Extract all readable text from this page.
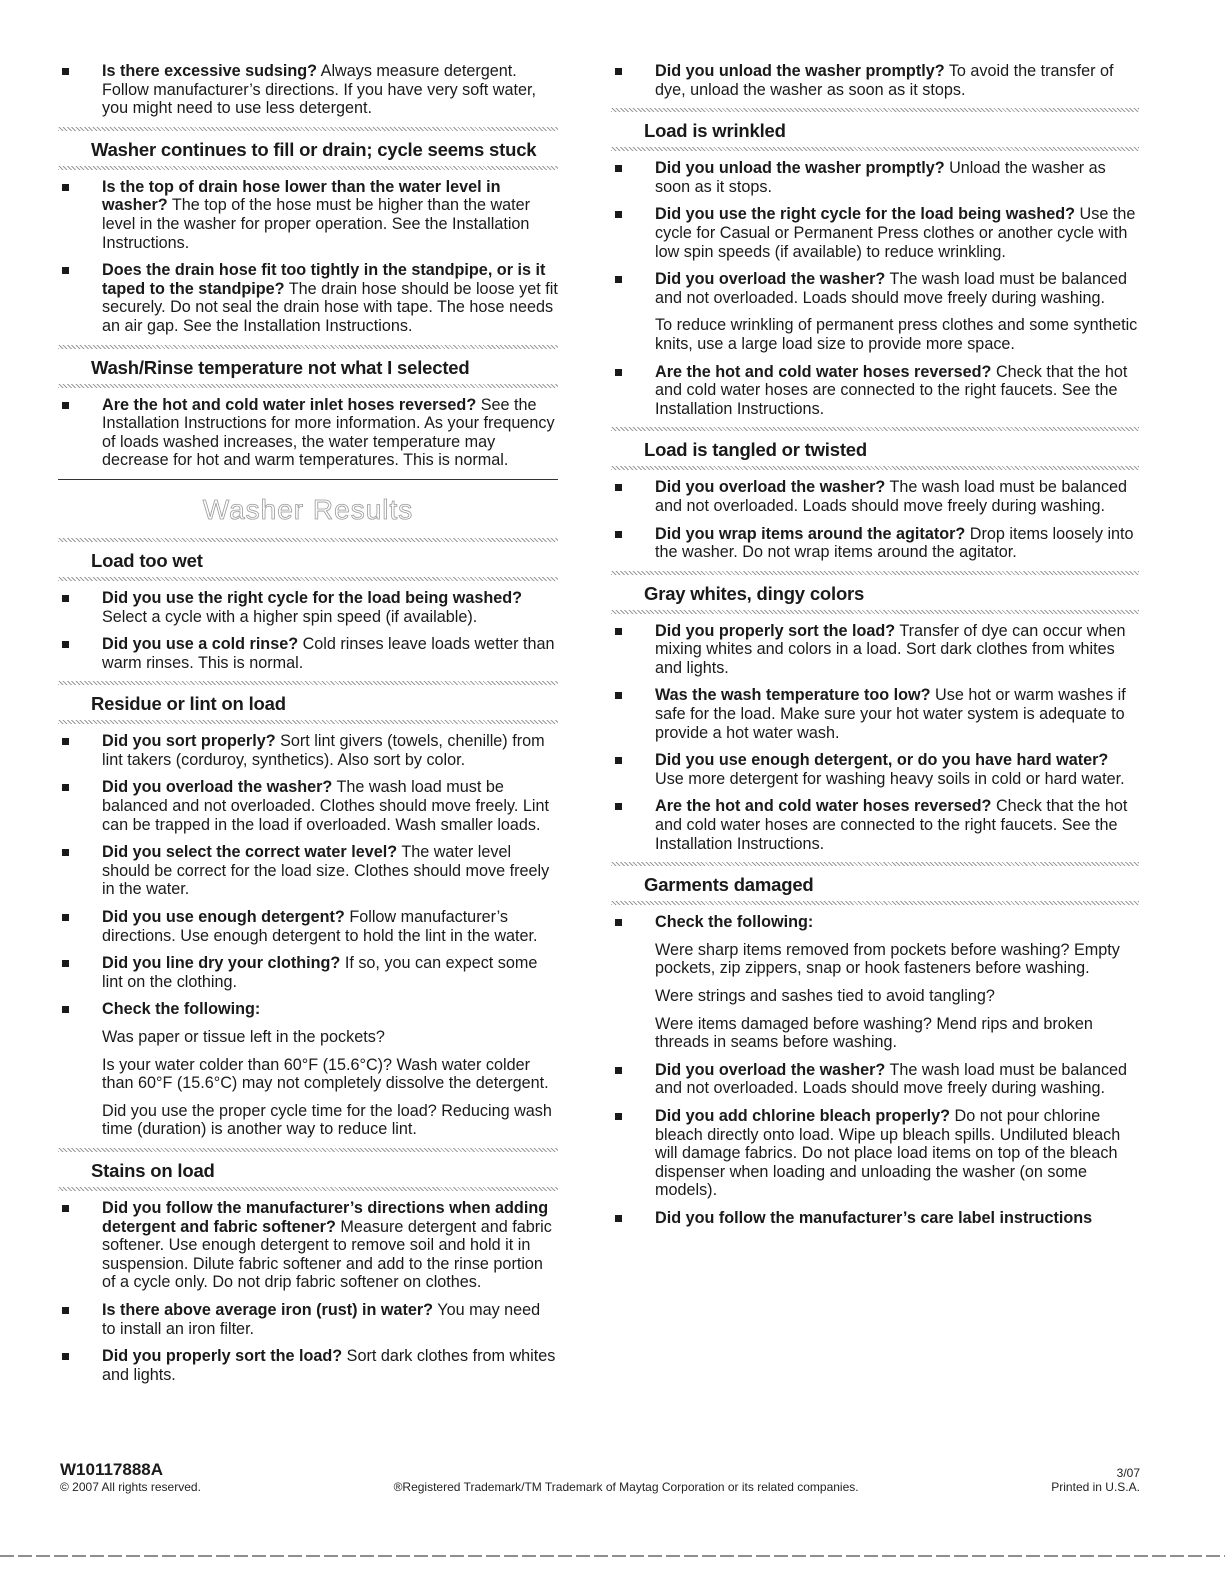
Is there excessive sudsing? Always measure detergent. Follow manufacturer’s directions. If you have very soft water, you might need to use less detergent.
Washer continues to fill or drain; cycle seems stuck
Is the top of drain hose lower than the water level in washer? The top of the hose must be higher than the water level in the washer for proper operation. See the Installation Instructions.
Does the drain hose fit too tightly in the standpipe, or is it taped to the standpipe? The drain hose should be loose yet fit securely. Do not seal the drain hose with tape. The hose needs an air gap. See the Installation Instructions.
Wash/Rinse temperature not what I selected
Are the hot and cold water inlet hoses reversed? See the Installation Instructions for more information. As your frequency of loads washed increases, the water temperature may decrease for hot and warm temperatures. This is normal.
Washer Results
Load too wet
Did you use the right cycle for the load being washed? Select a cycle with a higher spin speed (if available).
Did you use a cold rinse? Cold rinses leave loads wetter than warm rinses. This is normal.
Residue or lint on load
Did you sort properly? Sort lint givers (towels, chenille) from lint takers (corduroy, synthetics). Also sort by color.
Did you overload the washer? The wash load must be balanced and not overloaded. Clothes should move freely. Lint can be trapped in the load if overloaded. Wash smaller loads.
Did you select the correct water level? The water level should be correct for the load size. Clothes should move freely in the water.
Did you use enough detergent? Follow manufacturer’s directions. Use enough detergent to hold the lint in the water.
Did you line dry your clothing? If so, you can expect some lint on the clothing.
Check the following:
Was paper or tissue left in the pockets?
Is your water colder than 60°F (15.6°C)? Wash water colder than 60°F (15.6°C) may not completely dissolve the detergent.
Did you use the proper cycle time for the load? Reducing wash time (duration) is another way to reduce lint.
Stains on load
Did you follow the manufacturer’s directions when adding detergent and fabric softener? Measure detergent and fabric softener. Use enough detergent to remove soil and hold it in suspension. Dilute fabric softener and add to the rinse portion of a cycle only. Do not drip fabric softener on clothes.
Is there above average iron (rust) in water? You may need to install an iron filter.
Did you properly sort the load? Sort dark clothes from whites and lights.
Did you unload the washer promptly? To avoid the transfer of dye, unload the washer as soon as it stops.
Load is wrinkled
Did you unload the washer promptly? Unload the washer as soon as it stops.
Did you use the right cycle for the load being washed? Use the cycle for Casual or Permanent Press clothes or another cycle with low spin speeds (if available) to reduce wrinkling.
Did you overload the washer? The wash load must be balanced and not overloaded. Loads should move freely during washing.
To reduce wrinkling of permanent press clothes and some synthetic knits, use a large load size to provide more space.
Are the hot and cold water hoses reversed? Check that the hot and cold water hoses are connected to the right faucets. See the Installation Instructions.
Load is tangled or twisted
Did you overload the washer? The wash load must be balanced and not overloaded. Loads should move freely during washing.
Did you wrap items around the agitator? Drop items loosely into the washer. Do not wrap items around the agitator.
Gray whites, dingy colors
Did you properly sort the load? Transfer of dye can occur when mixing whites and colors in a load. Sort dark clothes from whites and lights.
Was the wash temperature too low? Use hot or warm washes if safe for the load. Make sure your hot water system is adequate to provide a hot water wash.
Did you use enough detergent, or do you have hard water? Use more detergent for washing heavy soils in cold or hard water.
Are the hot and cold water hoses reversed? Check that the hot and cold water hoses are connected to the right faucets. See the Installation Instructions.
Garments damaged
Check the following:
Were sharp items removed from pockets before washing? Empty pockets, zip zippers, snap or hook fasteners before washing.
Were strings and sashes tied to avoid tangling?
Were items damaged before washing? Mend rips and broken threads in seams before washing.
Did you overload the washer? The wash load must be balanced and not overloaded. Loads should move freely during washing.
Did you add chlorine bleach properly? Do not pour chlorine bleach directly onto load. Wipe up bleach spills. Undiluted bleach will damage fabrics. Do not place load items on top of the bleach dispenser when loading and unloading the washer (on some models).
Did you follow the manufacturer’s care label instructions
W10117888A	3/07
© 2007 All rights reserved.	®Registered Trademark/TM Trademark of Maytag Corporation or its related companies.	Printed in U.S.A.
